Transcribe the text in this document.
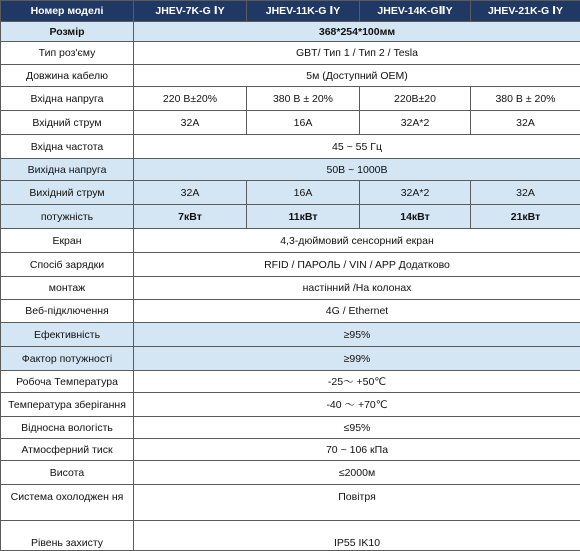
Номер моделі	JHEV-7K-G ⅠY	JHEV-11K-G ⅠY	JHEV-14K-GⅡY	JHEV-21K-G ⅠY
Розмір	368*254*100мм			
Тип роз'єму	GBT/ Тип 1 / Тип 2 / Tesla			
Довжина кабелю	5м (Доступний OEM)			
Вхідна напруга	220 В±20%	380 В ± 20%	220В±20	380 В ± 20%
Вхідний струм	32А	16А	32А*2	32А
Вхідна частота	45 ~ 55 Гц			
Вихідна напруга	50В ~ 1000В			
Вихідний струм	32А	16А	32А*2	32А
потужність	7кВт	11кВт	14кВт	21кВт
Екран	4,3-дюймовий сенсорний екран			
Спосіб зарядки	RFID / ПАРОЛЬ / VIN / APP Додатково			
монтаж	настінний /На колонах			
Веб-підключення	4G / Ethernet			
Ефективність	≥95%			
Фактор потужності	≥99%			
Робоча Температура	-25～ +50℃			
Температура зберігання	-40 ～ +70℃			
Відносна вологість	≤95%			
Атмосферний тиск	70 ~ 106 кПа			
Висота	≤2000м			
Система охолоджен ня	Повітря			
Рівень захисту	IP55 IK10			
